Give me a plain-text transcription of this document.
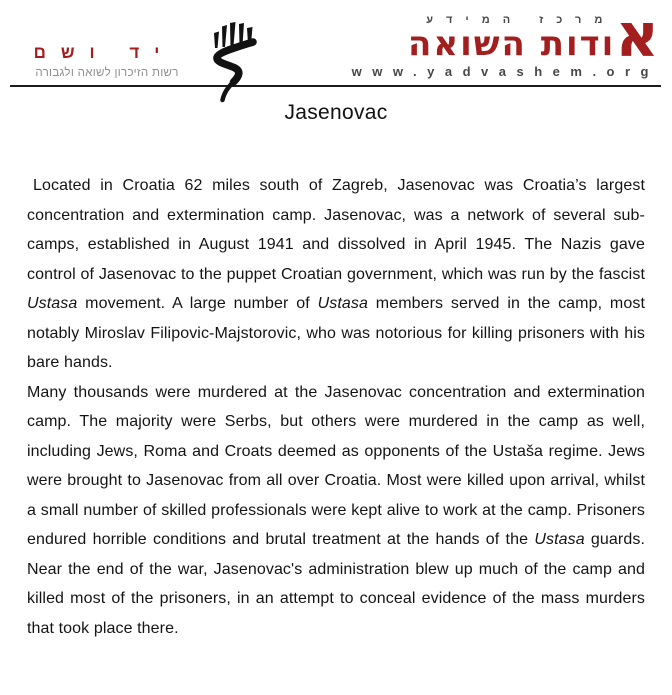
יד ושם
רשות הזיכרון לשואה ולגבורה
א
מרכז המידע
ודות השואה
www.yadvashem.org
Jasenovac

Located in Croatia 62 miles south of Zagreb, Jasenovac was Croatia’s largest concentration and extermination camp. Jasenovac, was a network of several sub-camps, established in August 1941 and dissolved in April 1945. The Nazis gave control of Jasenovac to the puppet Croatian government, which was run by the fascist Ustasa movement. A large number of Ustasa members served in the camp, most notably Miroslav Filipovic-Majstorovic, who was notorious for killing prisoners with his bare hands.

Many thousands were murdered at the Jasenovac concentration and extermination camp. The majority were Serbs, but others were murdered in the camp as well, including Jews, Roma and Croats deemed as opponents of the Ustaša regime. Jews were brought to Jasenovac from all over Croatia. Most were killed upon arrival, whilst a small number of skilled professionals were kept alive to work at the camp. Prisoners endured horrible conditions and brutal treatment at the hands of the Ustasa guards. Near the end of the war, Jasenovac's administration blew up much of the camp and killed most of the prisoners, in an attempt to conceal evidence of the mass murders that took place there.
